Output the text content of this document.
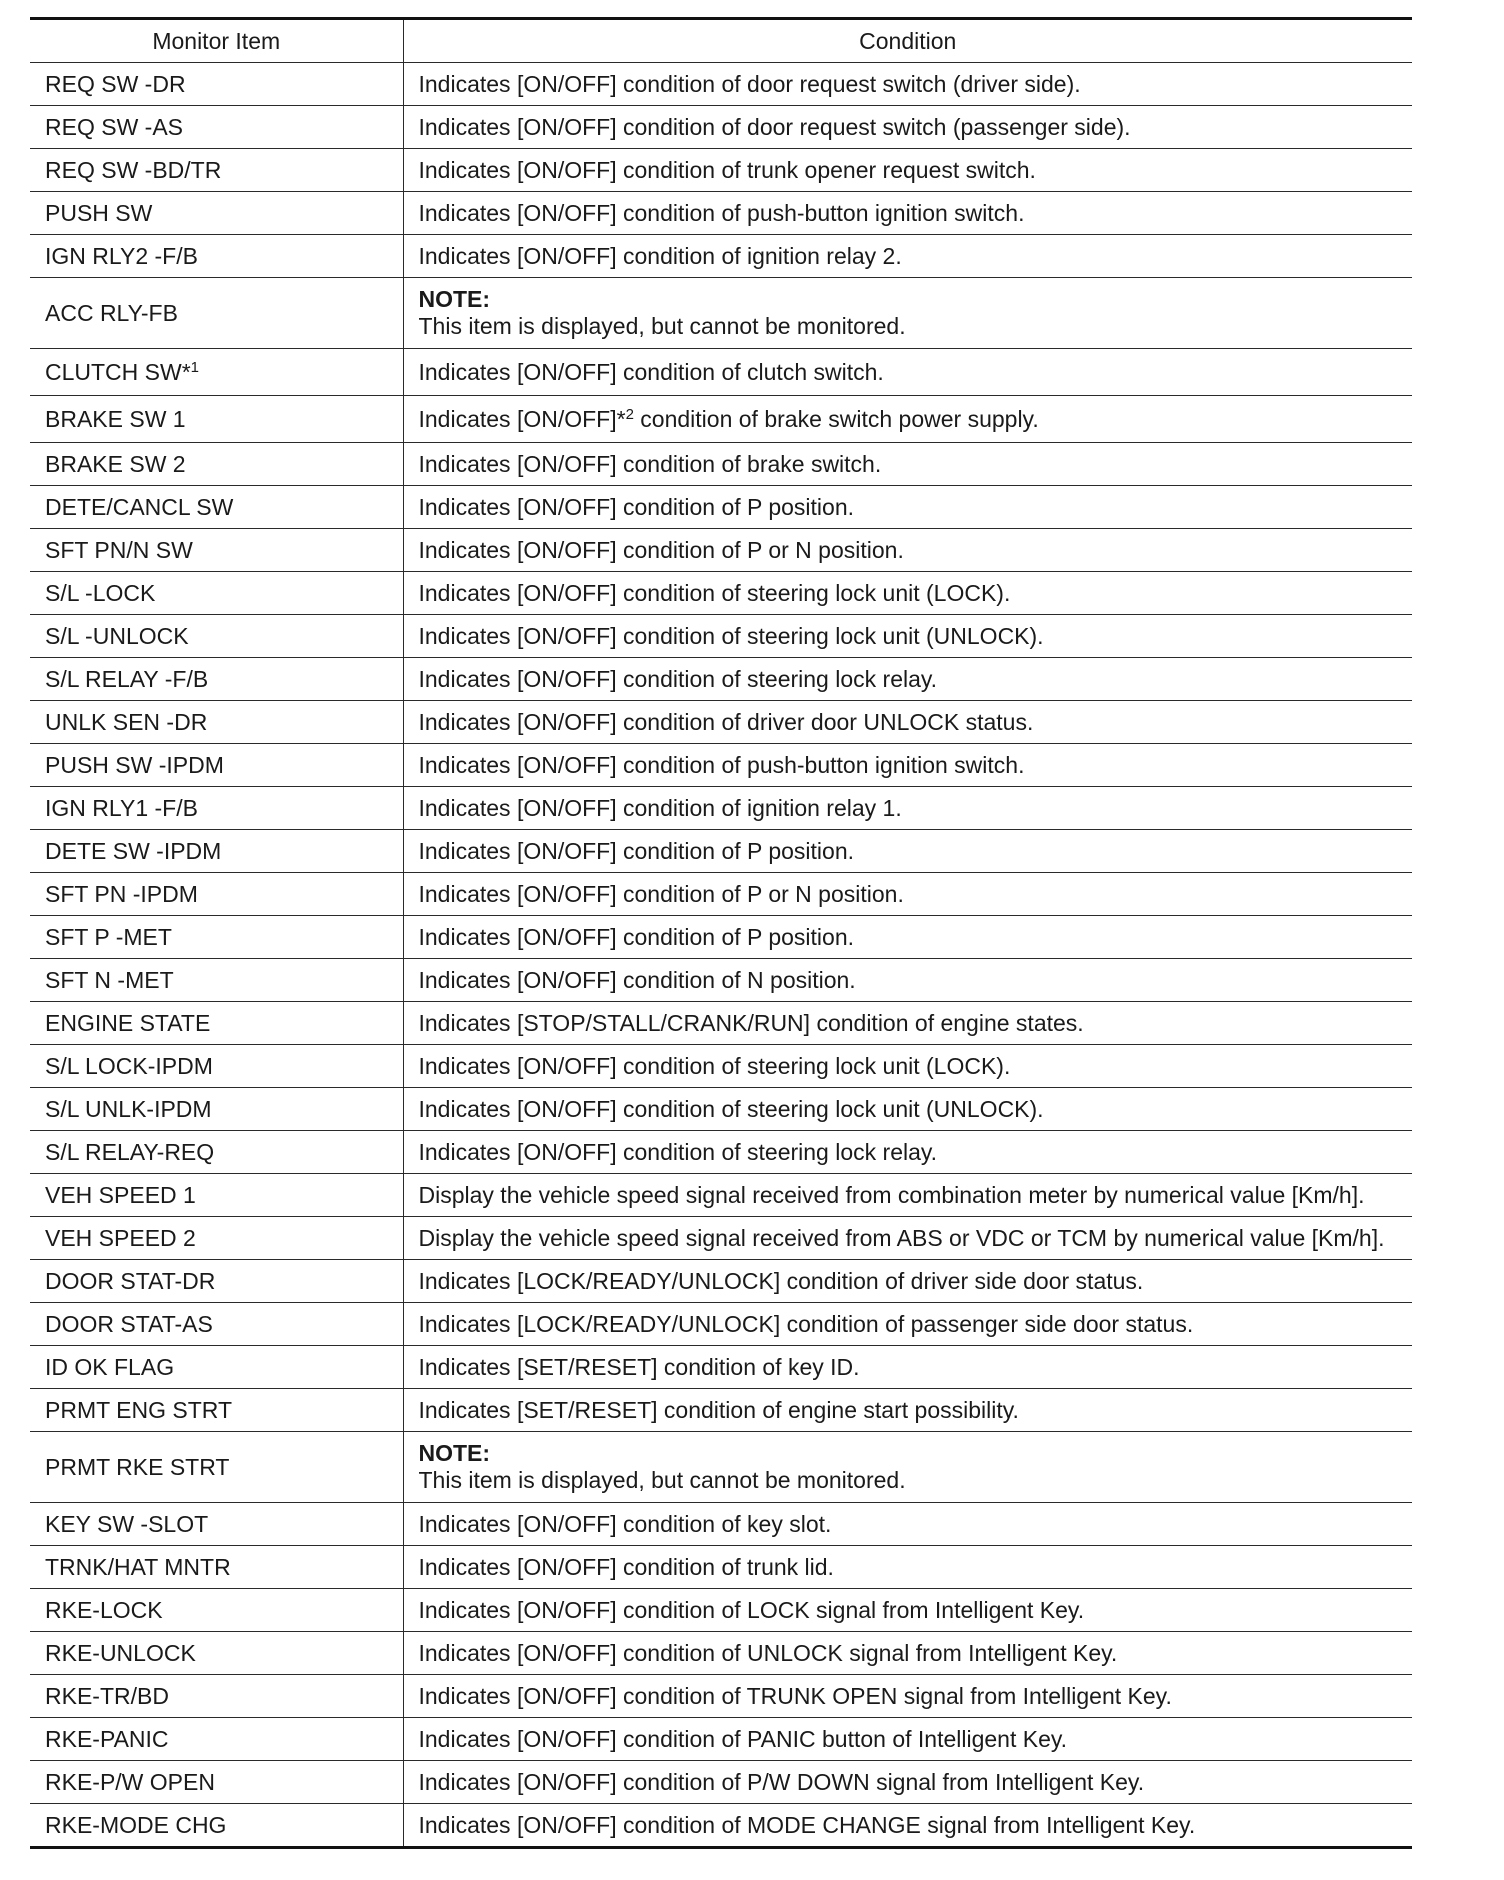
Monitor Item	Condition
REQ SW -DR	Indicates [ON/OFF] condition of door request switch (driver side).
REQ SW -AS	Indicates [ON/OFF] condition of door request switch (passenger side).
REQ SW -BD/TR	Indicates [ON/OFF] condition of trunk opener request switch.
PUSH SW	Indicates [ON/OFF] condition of push-button ignition switch.
IGN RLY2 -F/B	Indicates [ON/OFF] condition of ignition relay 2.
ACC RLY-FB	NOTE:
This item is displayed, but cannot be monitored.

CLUTCH SW*$^1$	Indicates [ON/OFF] condition of clutch switch.
BRAKE SW 1	Indicates [ON/OFF]*$^2$ condition of brake switch power supply.
BRAKE SW 2	Indicates [ON/OFF] condition of brake switch.
DETE/CANCL SW	Indicates [ON/OFF] condition of P position.
SFT PN/N SW	Indicates [ON/OFF] condition of P or N position.
S/L -LOCK	Indicates [ON/OFF] condition of steering lock unit (LOCK).
S/L -UNLOCK	Indicates [ON/OFF] condition of steering lock unit (UNLOCK).
S/L RELAY -F/B	Indicates [ON/OFF] condition of steering lock relay.
UNLK SEN -DR	Indicates [ON/OFF] condition of driver door UNLOCK status.
PUSH SW -IPDM	Indicates [ON/OFF] condition of push-button ignition switch.
IGN RLY1 -F/B	Indicates [ON/OFF] condition of ignition relay 1.
DETE SW -IPDM	Indicates [ON/OFF] condition of P position.
SFT PN -IPDM	Indicates [ON/OFF] condition of P or N position.
SFT P -MET	Indicates [ON/OFF] condition of P position.
SFT N -MET	Indicates [ON/OFF] condition of N position.
ENGINE STATE	Indicates [STOP/STALL/CRANK/RUN] condition of engine states.
S/L LOCK-IPDM	Indicates [ON/OFF] condition of steering lock unit (LOCK).
S/L UNLK-IPDM	Indicates [ON/OFF] condition of steering lock unit (UNLOCK).
S/L RELAY-REQ	Indicates [ON/OFF] condition of steering lock relay.
VEH SPEED 1	Display the vehicle speed signal received from combination meter by numerical value [Km/h].
VEH SPEED 2	Display the vehicle speed signal received from ABS or VDC or TCM by numerical value [Km/h].
DOOR STAT-DR	Indicates [LOCK/READY/UNLOCK] condition of driver side door status.
DOOR STAT-AS	Indicates [LOCK/READY/UNLOCK] condition of passenger side door status.
ID OK FLAG	Indicates [SET/RESET] condition of key ID.
PRMT ENG STRT	Indicates [SET/RESET] condition of engine start possibility.
PRMT RKE STRT	NOTE:
This item is displayed, but cannot be monitored.

KEY SW -SLOT	Indicates [ON/OFF] condition of key slot.
TRNK/HAT MNTR	Indicates [ON/OFF] condition of trunk lid.
RKE-LOCK	Indicates [ON/OFF] condition of LOCK signal from Intelligent Key.
RKE-UNLOCK	Indicates [ON/OFF] condition of UNLOCK signal from Intelligent Key.
RKE-TR/BD	Indicates [ON/OFF] condition of TRUNK OPEN signal from Intelligent Key.
RKE-PANIC	Indicates [ON/OFF] condition of PANIC button of Intelligent Key.
RKE-P/W OPEN	Indicates [ON/OFF] condition of P/W DOWN signal from Intelligent Key.
RKE-MODE CHG	Indicates [ON/OFF] condition of MODE CHANGE signal from Intelligent Key.
